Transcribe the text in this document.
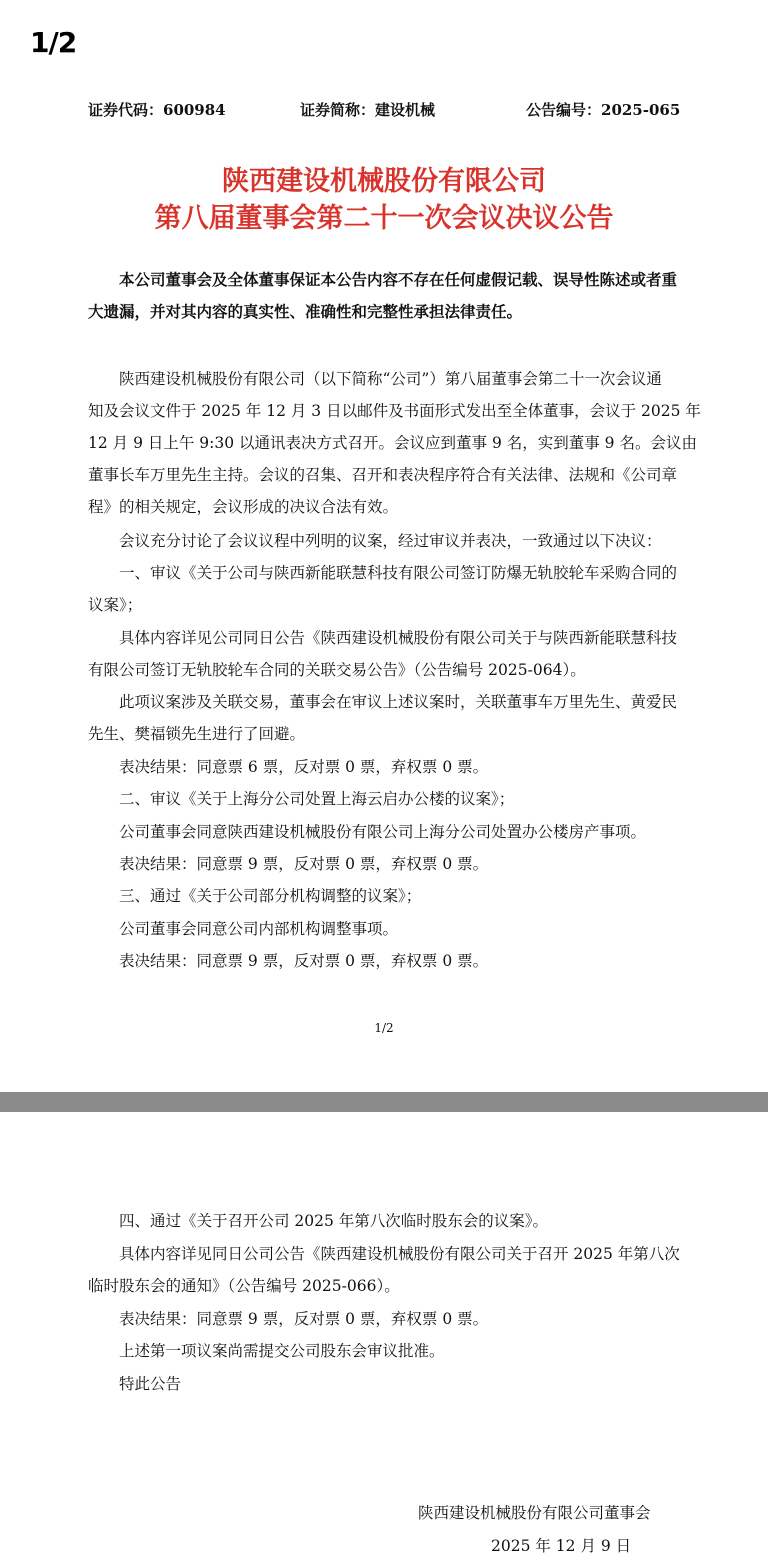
1/2
证券代码：600984	证券简称：建设机械	公告编号：2025-065
陕西建设机械股份有限公司
第八届董事会第二十一次会议决议公告
本公司董事会及全体董事保证本公告内容不存在任何虚假记载、误导性陈述或者重
大遗漏，并对其内容的真实性、准确性和完整性承担法律责任。
陕西建设机械股份有限公司（以下简称“公司”）第八届董事会第二十一次会议通
知及会议文件于 2025 年 12 月 3 日以邮件及书面形式发出至全体董事，会议于 2025 年
12 月 9 日上午 9:30 以通讯表决方式召开。会议应到董事 9 名，实到董事 9 名。会议由
董事长车万里先生主持。会议的召集、召开和表决程序符合有关法律、法规和《公司章
程》的相关规定，会议形成的决议合法有效。
会议充分讨论了会议议程中列明的议案，经过审议并表决，一致通过以下决议：
一、审议《关于公司与陕西新能联慧科技有限公司签订防爆无轨胶轮车采购合同的
议案》；
具体内容详见公司同日公告《陕西建设机械股份有限公司关于与陕西新能联慧科技
有限公司签订无轨胶轮车合同的关联交易公告》（公告编号 2025-064）。
此项议案涉及关联交易，董事会在审议上述议案时，关联董事车万里先生、黄爱民
先生、樊福锁先生进行了回避。
表决结果：同意票 6 票，反对票 0 票，弃权票 0 票。
二、审议《关于上海分公司处置上海云启办公楼的议案》；
公司董事会同意陕西建设机械股份有限公司上海分公司处置办公楼房产事项。
表决结果：同意票 9 票，反对票 0 票，弃权票 0 票。
三、通过《关于公司部分机构调整的议案》；
公司董事会同意公司内部机构调整事项。
表决结果：同意票 9 票，反对票 0 票，弃权票 0 票。
1/2
四、通过《关于召开公司 2025 年第八次临时股东会的议案》。
具体内容详见同日公司公告《陕西建设机械股份有限公司关于召开 2025 年第八次
临时股东会的通知》（公告编号 2025-066）。
表决结果：同意票 9 票，反对票 0 票，弃权票 0 票。
上述第一项议案尚需提交公司股东会审议批准。
特此公告
陕西建设机械股份有限公司董事会
2025 年 12 月 9 日
